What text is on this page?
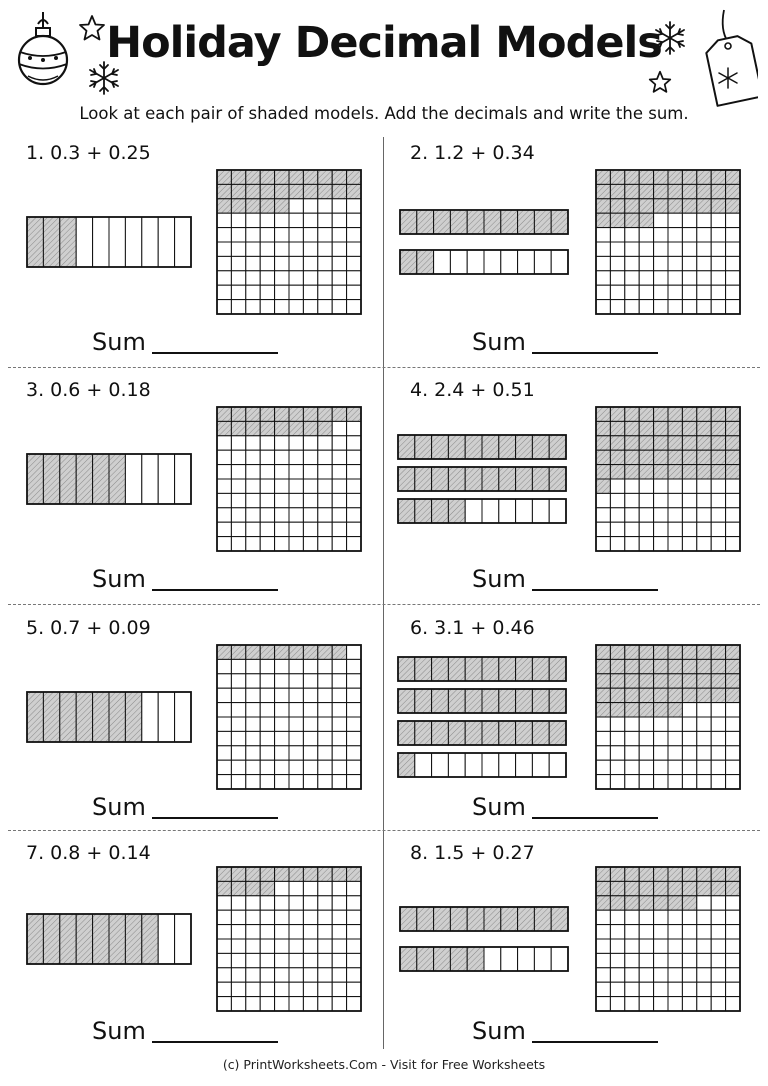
Holiday Decimal Models
Look at each pair of shaded models. Add the decimals and write the sum.
1. 0.3 + 0.25
Sum
2. 1.2 + 0.34
Sum
3. 0.6 + 0.18
Sum
4. 2.4 + 0.51
Sum
5. 0.7 + 0.09
Sum
6. 3.1 + 0.46
Sum
7. 0.8 + 0.14
Sum
8. 1.5 + 0.27
Sum
(c) PrintWorksheets.Com - Visit for Free Worksheets
